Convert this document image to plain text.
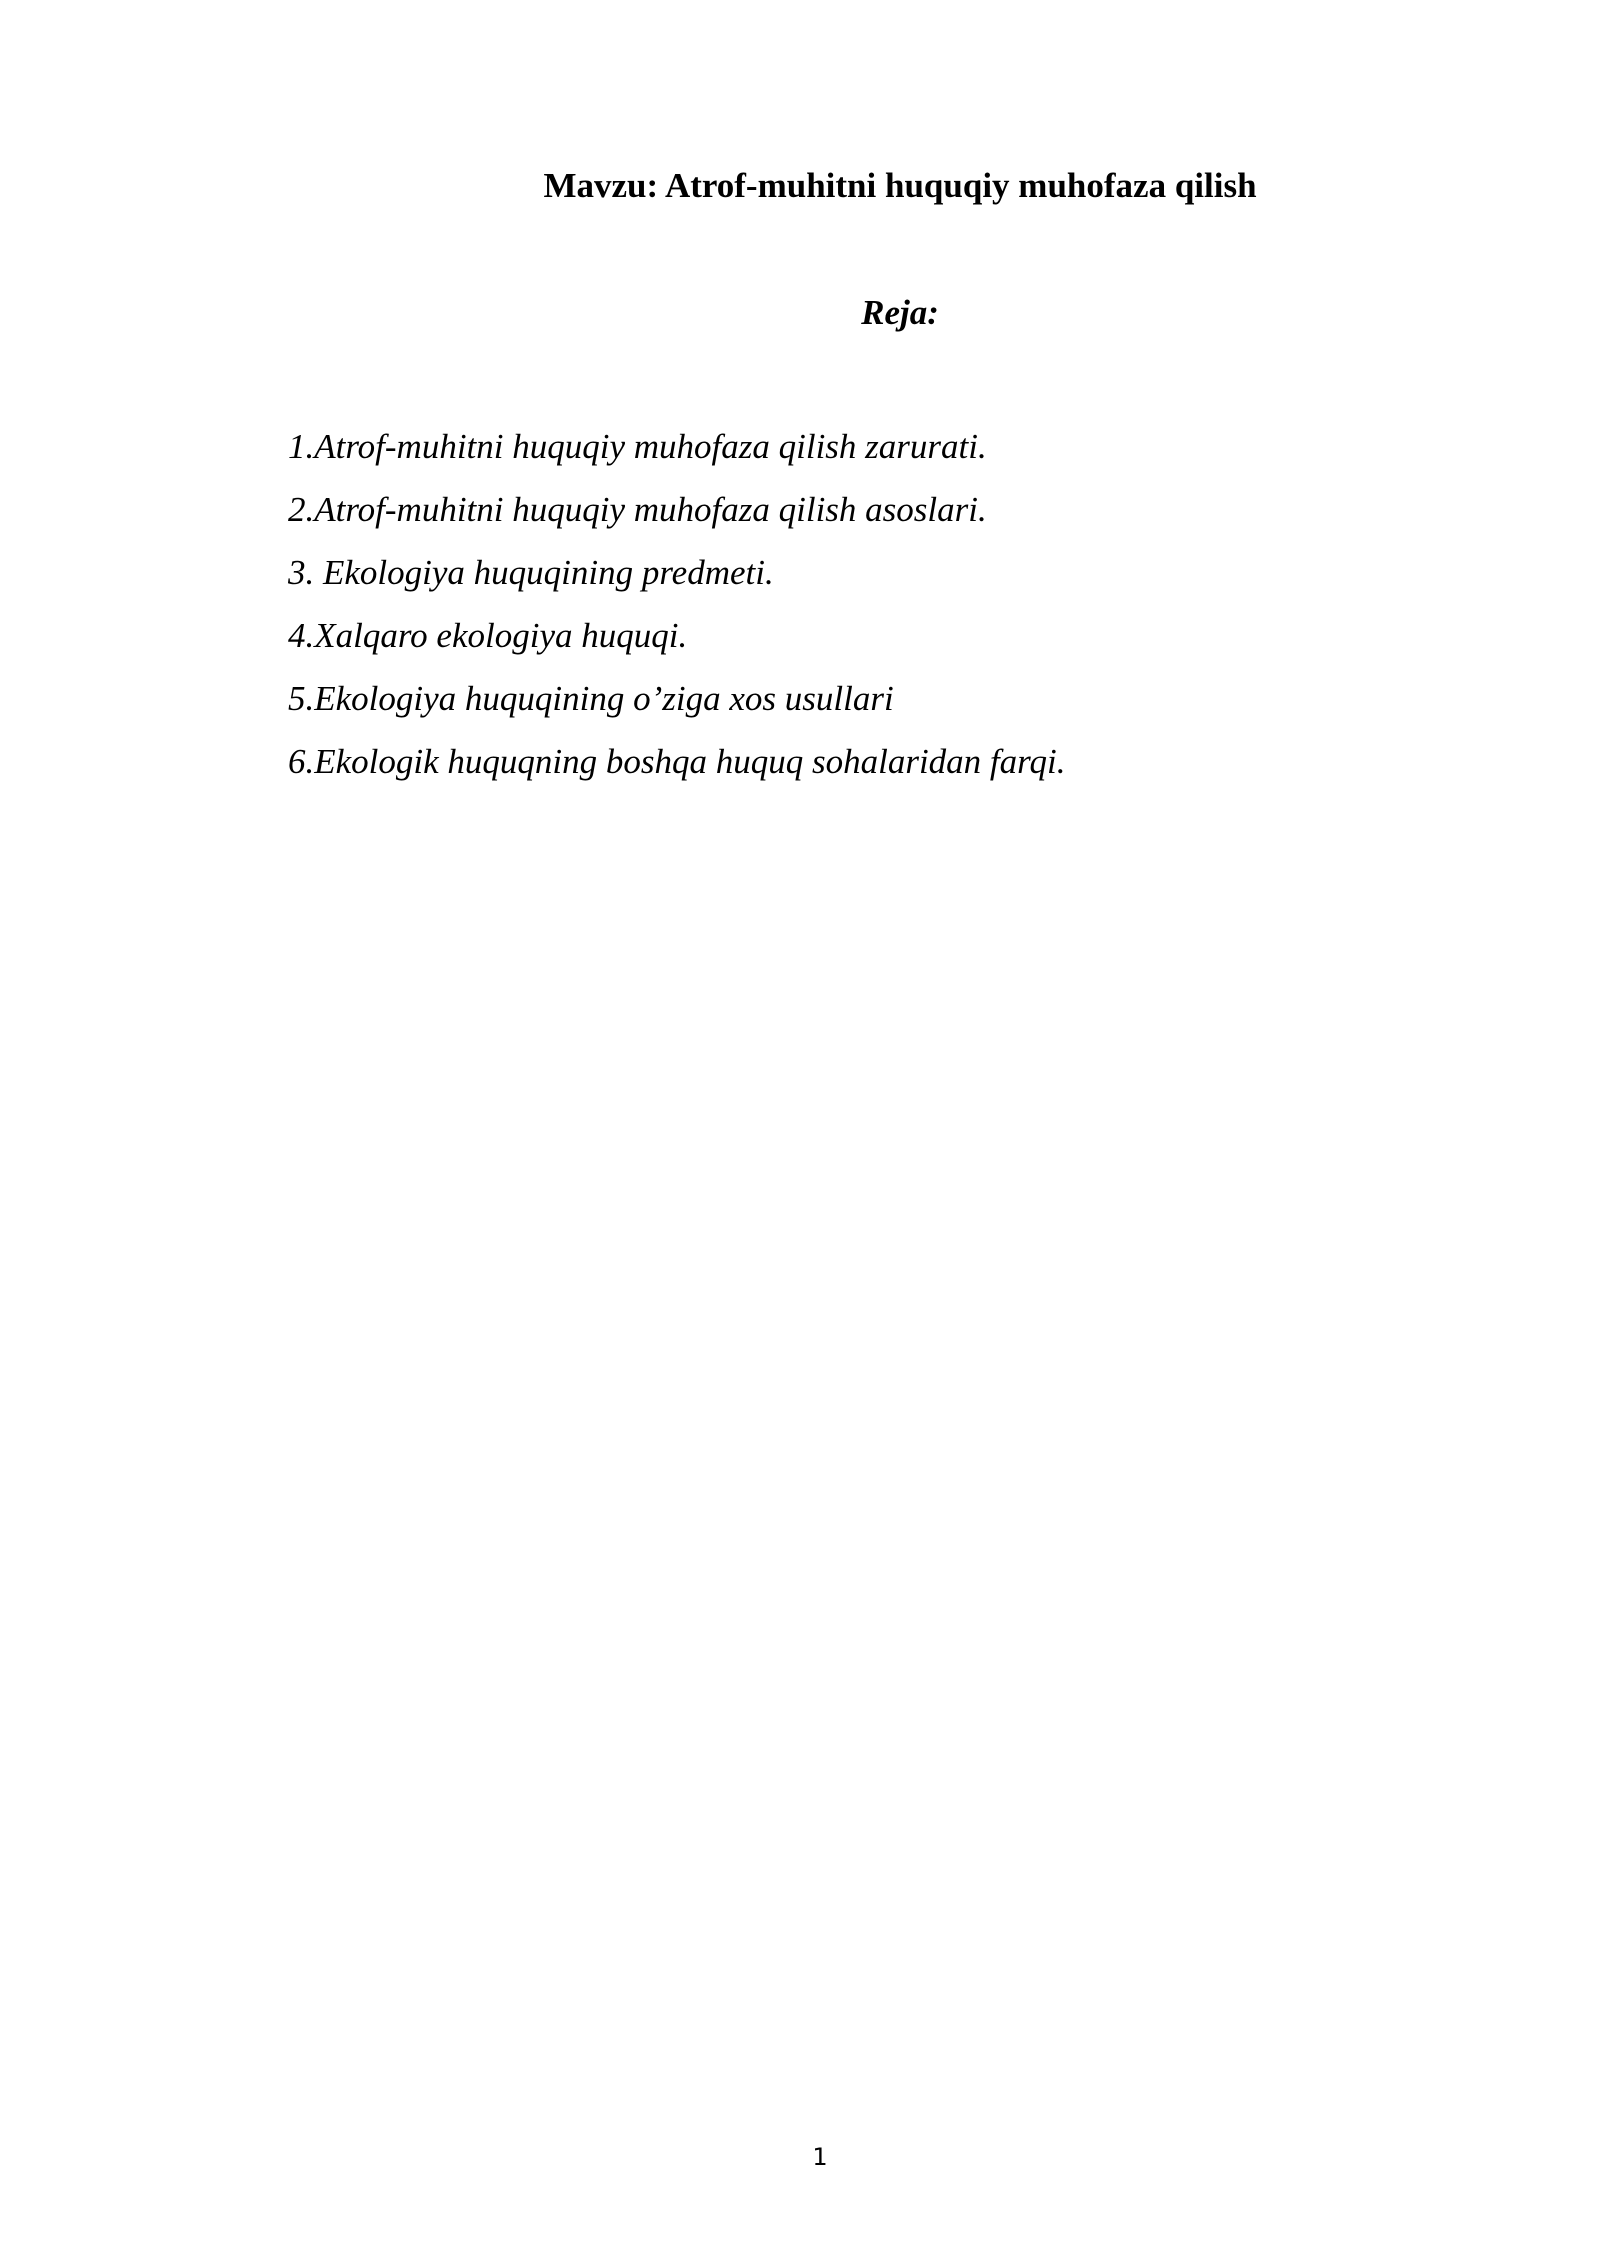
Mavzu: Atrof-muhitni huquqiy muhofaza qilish
Reja:
1.Atrof-muhitni huquqiy muhofaza qilish zarurati.
2.Atrof-muhitni huquqiy muhofaza qilish asoslari.
3. Ekologiya huquqining predmeti.
4.Xalqaro ekologiya huquqi.
5.Ekologiya huquqining o’ziga xos usullari
6.Ekologik huquqning boshqa huquq sohalaridan farqi.
1
